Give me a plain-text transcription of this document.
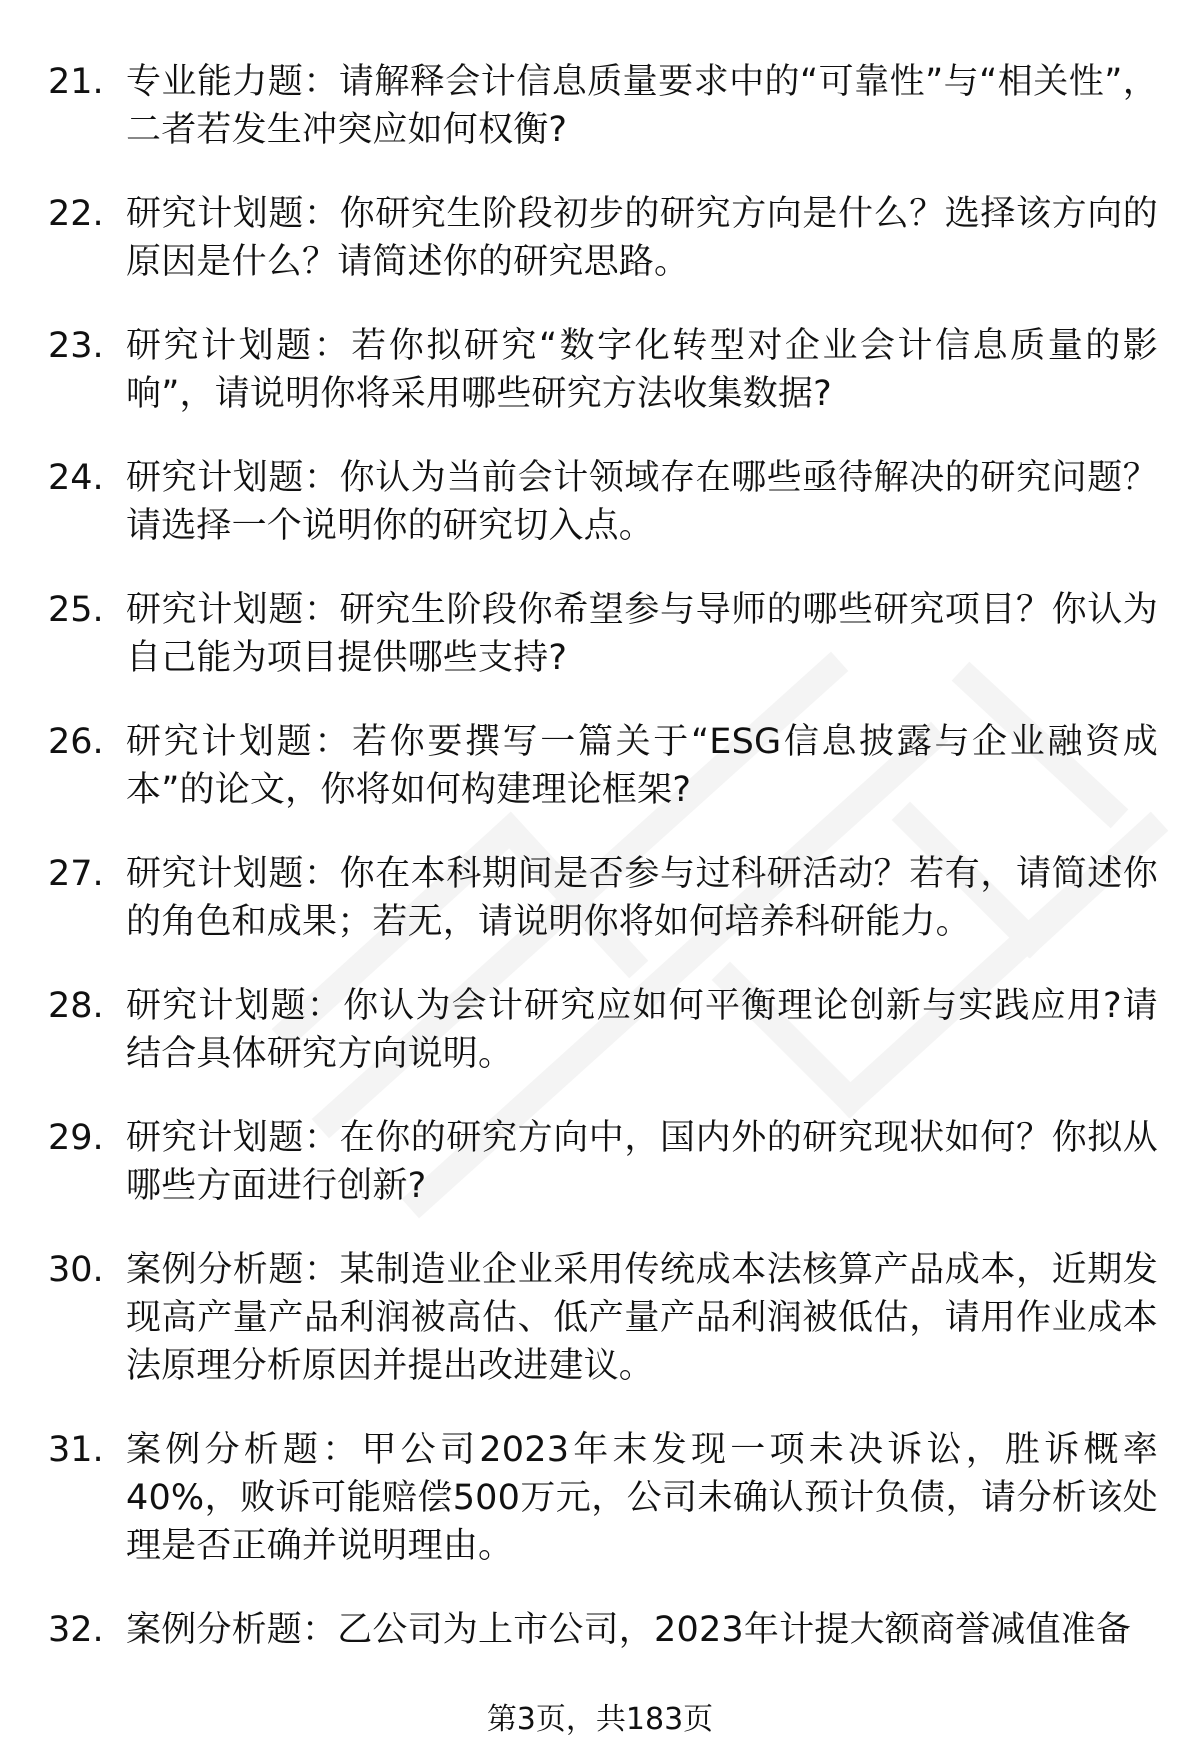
21. 专业能力题：请解释会计信息质量要求中的“可靠性”与“相关性”，二者若发生冲突应如何权衡?

22. 研究计划题：你研究生阶段初步的研究方向是什么？选择该方向的原因是什么？请简述你的研究思路。

23. 研究计划题：若你拟研究“数字化转型对企业会计信息质量的影响”，请说明你将采用哪些研究方法收集数据?

24. 研究计划题：你认为当前会计领域存在哪些亟待解决的研究问题？请选择一个说明你的研究切入点。

25. 研究计划题：研究生阶段你希望参与导师的哪些研究项目？你认为自己能为项目提供哪些支持?

26. 研究计划题：若你要撰写一篇关于“ESG信息披露与企业融资成本”的论文，你将如何构建理论框架?

27. 研究计划题：你在本科期间是否参与过科研活动？若有，请简述你的角色和成果；若无，请说明你将如何培养科研能力。

28. 研究计划题：你认为会计研究应如何平衡理论创新与实践应用?请结合具体研究方向说明。

29. 研究计划题：在你的研究方向中，国内外的研究现状如何？你拟从哪些方面进行创新?

30. 案例分析题：某制造业企业采用传统成本法核算产品成本，近期发现高产量产品利润被高估、低产量产品利润被低估，请用作业成本法原理分析原因并提出改进建议。

31. 案例分析题：甲公司2023年末发现一项未决诉讼，胜诉概率40%，败诉可能赔偿500万元，公司未确认预计负债，请分析该处理是否正确并说明理由。

32. 案例分析题：乙公司为上市公司，2023年计提大额商誉减值准备

第3页，共183页
